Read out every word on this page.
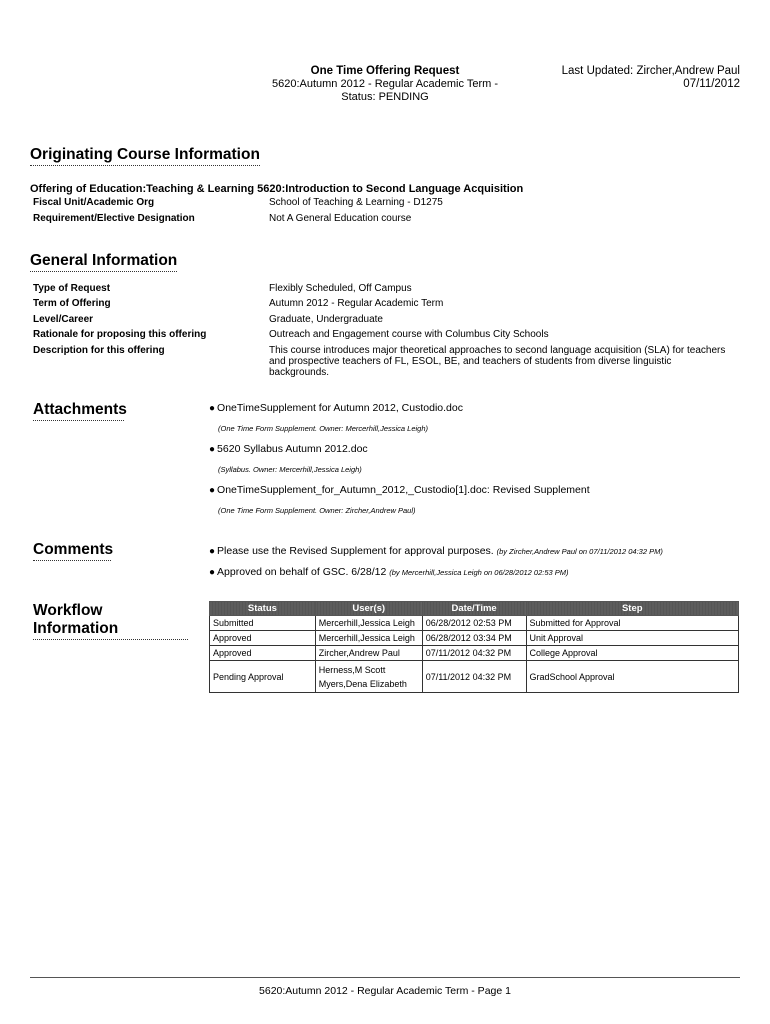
One Time Offering Request
5620:Autumn 2012 - Regular Academic Term -
Status: PENDING
Last Updated: Zircher,Andrew Paul
07/11/2012
Originating Course Information
Offering of Education:Teaching & Learning 5620:Introduction to Second Language Acquisition
Fiscal Unit/Academic Org	School of Teaching & Learning - D1275
Requirement/Elective Designation	Not A General Education course
General Information
Type of Request	Flexibly Scheduled, Off Campus
Term of Offering	Autumn 2012 - Regular Academic Term
Level/Career	Graduate, Undergraduate
Rationale for proposing this offering	Outreach and Engagement course with Columbus City Schools
Description for this offering	This course introduces major theoretical approaches to second language acquisition (SLA) for teachers
and prospective teachers of FL, ESOL, BE, and teachers of students from diverse linguistic
backgrounds.
Attachments	● OneTimeSupplement for Autumn 2012, Custodio.doc
(One Time Form Supplement. Owner: Mercerhill,Jessica Leigh)
● 5620 Syllabus Autumn 2012.doc
(Syllabus. Owner: Mercerhill,Jessica Leigh)
● OneTimeSupplement_for_Autumn_2012,_Custodio[1].doc: Revised Supplement
(One Time Form Supplement. Owner: Zircher,Andrew Paul)
Comments	● Please use the Revised Supplement for approval purposes. (by Zircher,Andrew Paul on 07/11/2012 04:32 PM)
● Approved on behalf of GSC. 6/28/12 (by Mercerhill,Jessica Leigh on 06/28/2012 02:53 PM)
Workflow Information
Status	User(s)	Date/Time	Step
Submitted	Mercerhill,Jessica Leigh	06/28/2012 02:53 PM	Submitted for Approval
Approved	Mercerhill,Jessica Leigh	06/28/2012 03:34 PM	Unit Approval
Approved	Zircher,Andrew Paul	07/11/2012 04:32 PM	College Approval
Pending Approval	Herness,M Scott
Myers,Dena Elizabeth	07/11/2012 04:32 PM	GradSchool Approval
5620:Autumn 2012 - Regular Academic Term - Page 1
